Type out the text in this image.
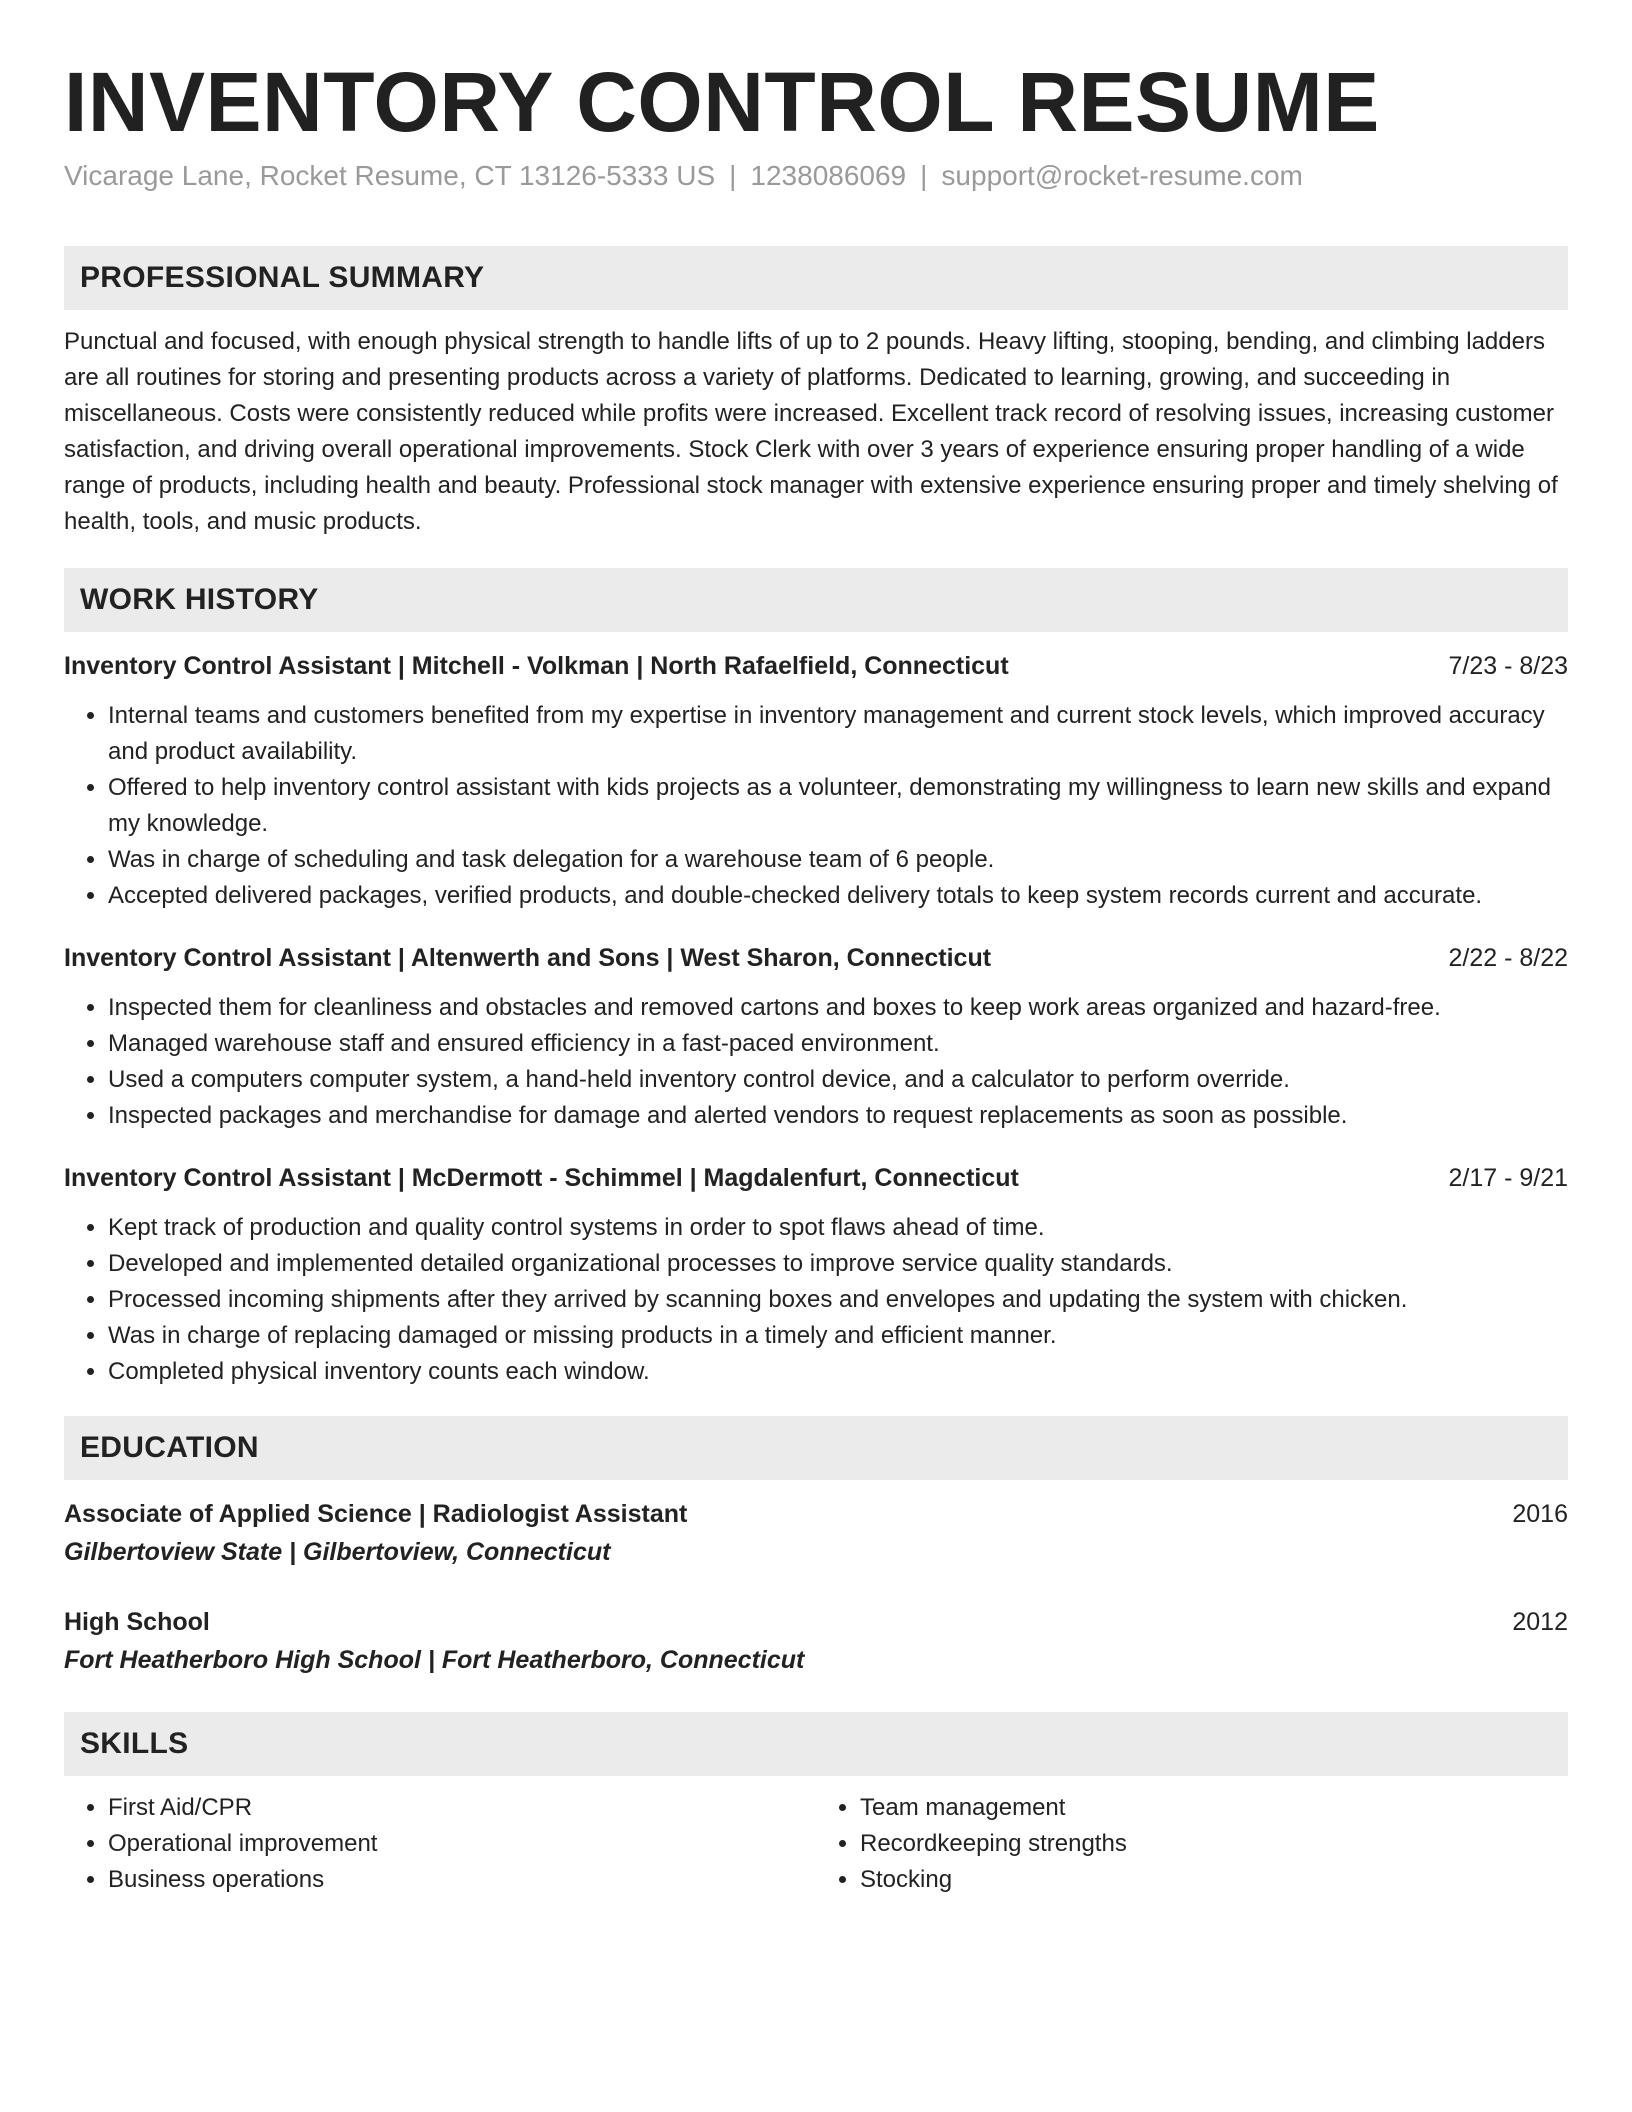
INVENTORY CONTROL RESUME
Vicarage Lane, Rocket Resume, CT 13126-5333 US | 1238086069 | support@rocket-resume.com
PROFESSIONAL SUMMARY

Punctual and focused, with enough physical strength to handle lifts of up to 2 pounds. Heavy lifting, stooping, bending, and climbing ladders are all routines for storing and presenting products across a variety of platforms. Dedicated to learning, growing, and succeeding in miscellaneous. Costs were consistently reduced while profits were increased. Excellent track record of resolving issues, increasing customer satisfaction, and driving overall operational improvements. Stock Clerk with over 3 years of experience ensuring proper handling of a wide range of products, including health and beauty. Professional stock manager with extensive experience ensuring proper and timely shelving of health, tools, and music products.

WORK HISTORY
Inventory Control Assistant | Mitchell - Volkman | North Rafaelfield, Connecticut	7/23 - 8/23
• Internal teams and customers benefited from my expertise in inventory management and current stock levels, which improved accuracy and product availability.
• Offered to help inventory control assistant with kids projects as a volunteer, demonstrating my willingness to learn new skills and expand my knowledge.
• Was in charge of scheduling and task delegation for a warehouse team of 6 people.
• Accepted delivered packages, verified products, and double-checked delivery totals to keep system records current and accurate.
Inventory Control Assistant | Altenwerth and Sons | West Sharon, Connecticut	2/22 - 8/22
• Inspected them for cleanliness and obstacles and removed cartons and boxes to keep work areas organized and hazard-free.
• Managed warehouse staff and ensured efficiency in a fast-paced environment.
• Used a computers computer system, a hand-held inventory control device, and a calculator to perform override.
• Inspected packages and merchandise for damage and alerted vendors to request replacements as soon as possible.
Inventory Control Assistant | McDermott - Schimmel | Magdalenfurt, Connecticut	2/17 - 9/21
• Kept track of production and quality control systems in order to spot flaws ahead of time.
• Developed and implemented detailed organizational processes to improve service quality standards.
• Processed incoming shipments after they arrived by scanning boxes and envelopes and updating the system with chicken.
• Was in charge of replacing damaged or missing products in a timely and efficient manner.
• Completed physical inventory counts each window.
EDUCATION
Associate of Applied Science | Radiologist Assistant	2016
Gilbertoview State | Gilbertoview, Connecticut
High School	2012
Fort Heatherboro High School | Fort Heatherboro, Connecticut
SKILLS
• First Aid/CPR
• Operational improvement
• Business operations
• Team management
• Recordkeeping strengths
• Stocking
